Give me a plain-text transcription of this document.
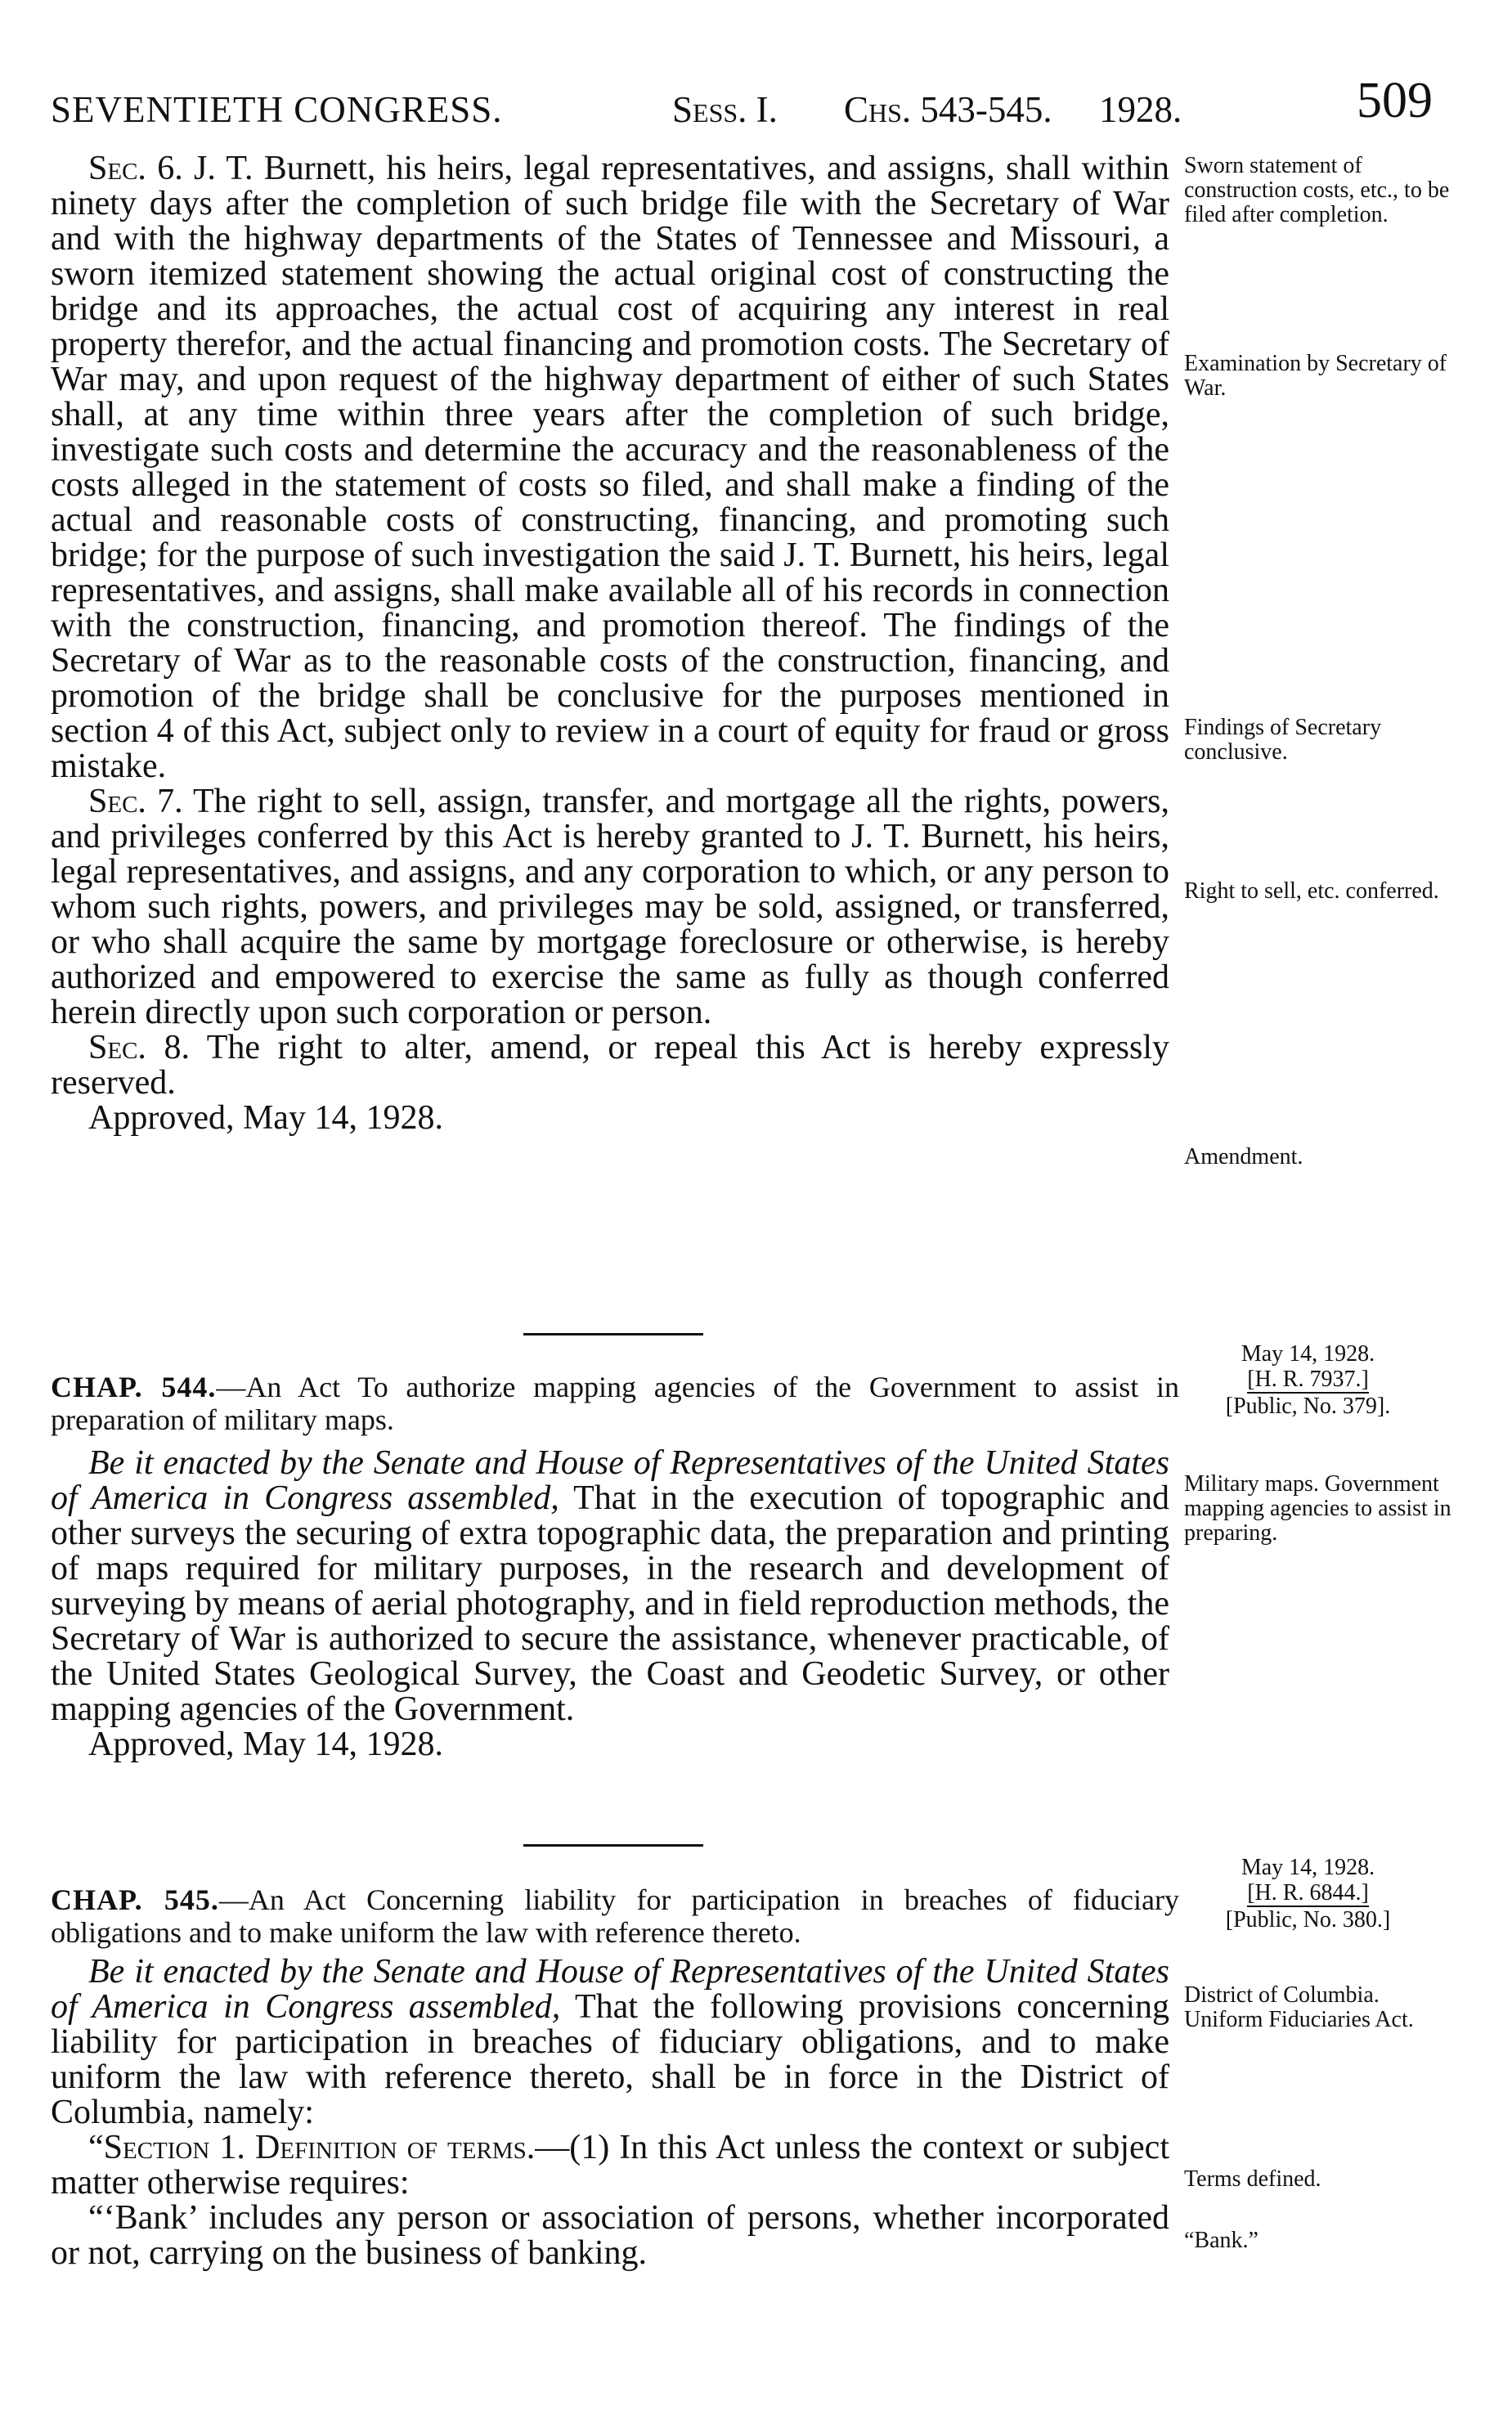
SEVENTIETH CONGRESS.	Sess. I. Chs. 543-545. 1928.	509

Sec. 6. J. T. Burnett, his heirs, legal representatives, and assigns, shall within ninety days after the completion of such bridge file with the Secretary of War and with the highway departments of the States of Tennessee and Missouri, a sworn itemized statement showing the actual original cost of constructing the bridge and its approaches, the actual cost of acquiring any interest in real property therefor, and the actual financing and promotion costs. The Secretary of War may, and upon request of the highway department of either of such States shall, at any time within three years after the completion of such bridge, investigate such costs and determine the accuracy and the reasonableness of the costs alleged in the statement of costs so filed, and shall make a finding of the actual and reasonable costs of constructing, financing, and promoting such bridge; for the purpose of such investigation the said J. T. Burnett, his heirs, legal representatives, and assigns, shall make available all of his records in connection with the construction, financing, and promotion thereof. The findings of the Secretary of War as to the reasonable costs of the construction, financing, and promotion of the bridge shall be conclusive for the purposes mentioned in section 4 of this Act, subject only to review in a court of equity for fraud or gross mistake.

Sec. 7. The right to sell, assign, transfer, and mortgage all the rights, powers, and privileges conferred by this Act is hereby granted to J. T. Burnett, his heirs, legal representatives, and assigns, and any corporation to which, or any person to whom such rights, powers, and privileges may be sold, assigned, or transferred, or who shall acquire the same by mortgage foreclosure or otherwise, is hereby authorized and empowered to exercise the same as fully as though conferred herein directly upon such corporation or person.

Sec. 8. The right to alter, amend, or repeal this Act is hereby expressly reserved.

Approved, May 14, 1928.

Sworn statement of construction costs, etc., to be filed after completion.
Examination by Secretary of War.
Findings of Secretary conclusive.
Right to sell, etc. conferred.
Amendment.
May 14, 1928.
[H. R. 7937.]
[Public, No. 379].
CHAP. 544.—An Act To authorize mapping agencies of the Government to assist in preparation of military maps.

Be it enacted by the Senate and House of Representatives of the United States of America in Congress assembled, That in the execution of topographic and other surveys the securing of extra topographic data, the preparation and printing of maps required for military purposes, in the research and development of surveying by means of aerial photography, and in field reproduction methods, the Secretary of War is authorized to secure the assistance, whenever practicable, of the United States Geological Survey, the Coast and Geodetic Survey, or other mapping agencies of the Government.

Approved, May 14, 1928.

Military maps. Government mapping agencies to assist in preparing.
May 14, 1928.
[H. R. 6844.]
[Public, No. 380.]
CHAP. 545.—An Act Concerning liability for participation in breaches of fiduciary obligations and to make uniform the law with reference thereto.

Be it enacted by the Senate and House of Representatives of the United States of America in Congress assembled, That the following provisions concerning liability for participation in breaches of fiduciary obligations, and to make uniform the law with reference thereto, shall be in force in the District of Columbia, namely:

“Section 1. Definition of terms.—(1) In this Act unless the context or subject matter otherwise requires:

“‘Bank’ includes any person or association of persons, whether incorporated or not, carrying on the business of banking.

District of Columbia. Uniform Fiduciaries Act.
Terms defined.
“Bank.”
